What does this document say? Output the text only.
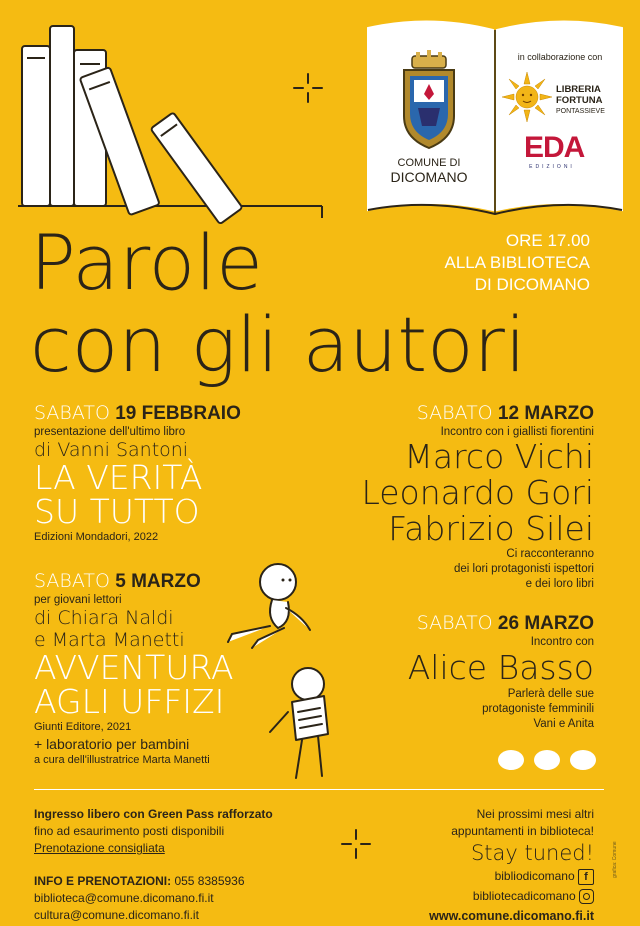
COMUNE DI
DICOMANO
in collaborazione con
LIBRERIA
FORTUNA
PONTASSIEVE
EDA
EDIZIONI
Parole
con gli autori
ORE 17.00
ALLA BIBLIOTECA
DI DICOMANO
SABATO 19 FEBBRAIO
presentazione dell'ultimo libro
di Vanni Santoni
LA VERITÀ
SU TUTTO
Edizioni Mondadori, 2022
SABATO 5 MARZO
per giovani lettori
di Chiara Naldi
e Marta Manetti
AVVENTURA
AGLI UFFIZI
Giunti Editore, 2021
+ laboratorio per bambini
a cura dell'illustratrice Marta Manetti
SABATO 12 MARZO
Incontro con i giallisti fiorentini
Marco Vichi
Leonardo Gori
Fabrizio Silei
Ci racconteranno
dei lori protagonisti ispettori
e dei loro libri
SABATO 26 MARZO
Incontro con
Alice Basso
Parlerà delle sue
protagoniste femminili
Vani e Anita
Ingresso libero con Green Pass rafforzato
fino ad esaurimento posti disponibili
Prenotazione consigliata
INFO E PRENOTAZIONI: 055 8385936
biblioteca@comune.dicomano.fi.it
cultura@comune.dicomano.fi.it
Nei prossimi mesi altri
appuntamenti in biblioteca!
Stay tuned!
bibliodicomano f
bibliotecadicomano
www.comune.dicomano.fi.it
grafica: Comune
